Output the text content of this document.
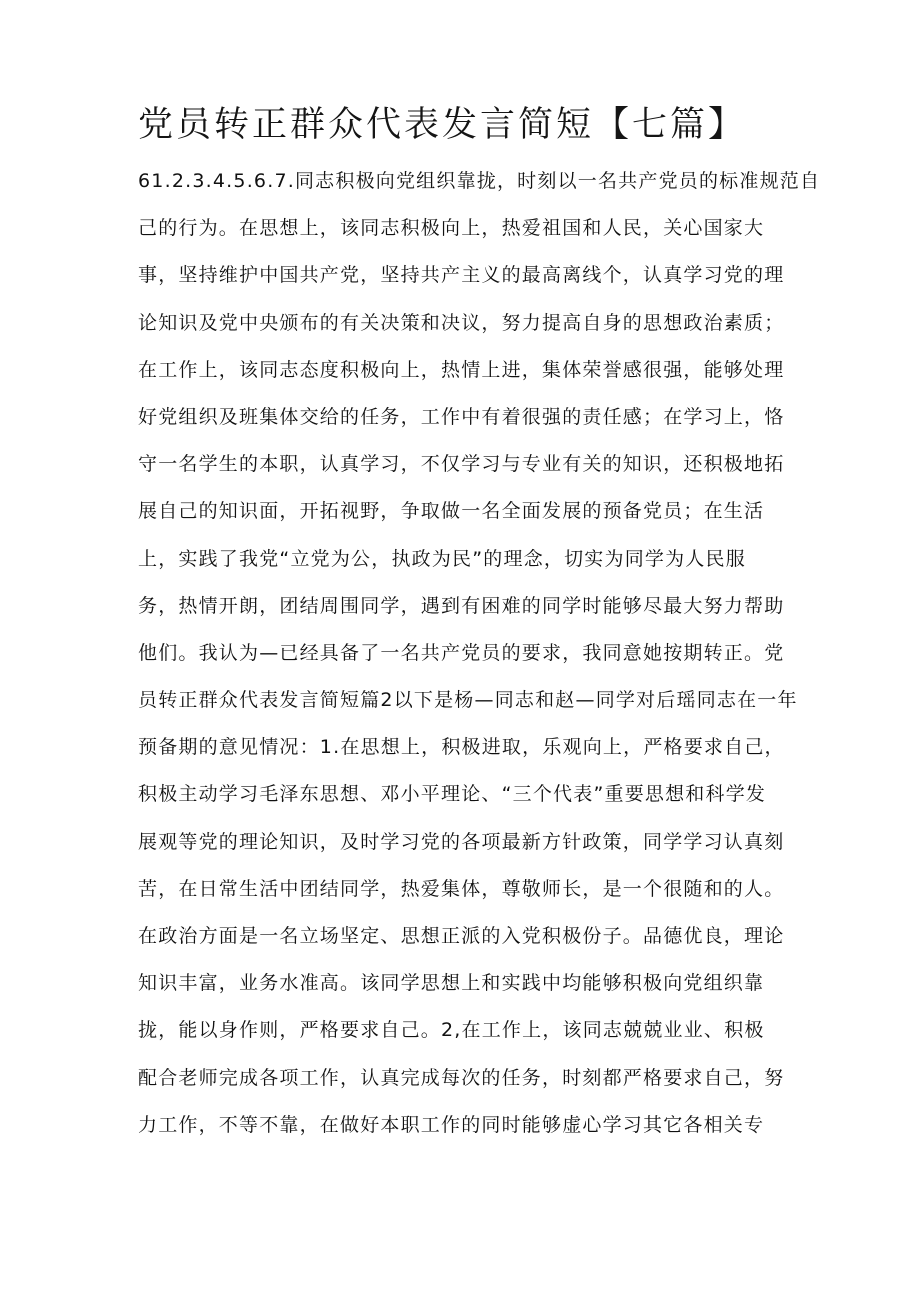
党员转正群众代表发言简短【七篇】
61.2.3.4.5.6.7.同志积极向党组织靠拢，时刻以一名共产党员的标准规范自
己的行为。在思想上，该同志积极向上，热爱祖国和人民，关心国家大
事，坚持维护中国共产党，坚持共产主义的最高离线个，认真学习党的理
论知识及党中央颁布的有关决策和决议，努力提高自身的思想政治素质；
在工作上，该同志态度积极向上，热情上进，集体荣誉感很强，能够处理
好党组织及班集体交给的任务，工作中有着很强的责任感；在学习上，恪
守一名学生的本职，认真学习，不仅学习与专业有关的知识，还积极地拓
展自己的知识面，开拓视野，争取做一名全面发展的预备党员；在生活
上，实践了我党“立党为公，执政为民”的理念，切实为同学为人民服
务，热情开朗，团结周围同学，遇到有困难的同学时能够尽最大努力帮助
他们。我认为—已经具备了一名共产党员的要求，我同意她按期转正。党
员转正群众代表发言简短篇2以下是杨—同志和赵—同学对后瑶同志在一年
预备期的意见情况：1.在思想上，积极进取，乐观向上，严格要求自己，
积极主动学习毛泽东思想、邓小平理论、“三个代表”重要思想和科学发
展观等党的理论知识，及时学习党的各项最新方针政策，同学学习认真刻
苦，在日常生活中团结同学，热爱集体，尊敬师长，是一个很随和的人。
在政治方面是一名立场坚定、思想正派的入党积极份子。品德优良，理论
知识丰富，业务水准高。该同学思想上和实践中均能够积极向党组织靠
拢，能以身作则，严格要求自己。2,在工作上，该同志兢兢业业、积极
配合老师完成各项工作，认真完成每次的任务，时刻都严格要求自己，努
力工作，不等不靠，在做好本职工作的同时能够虚心学习其它各相关专
